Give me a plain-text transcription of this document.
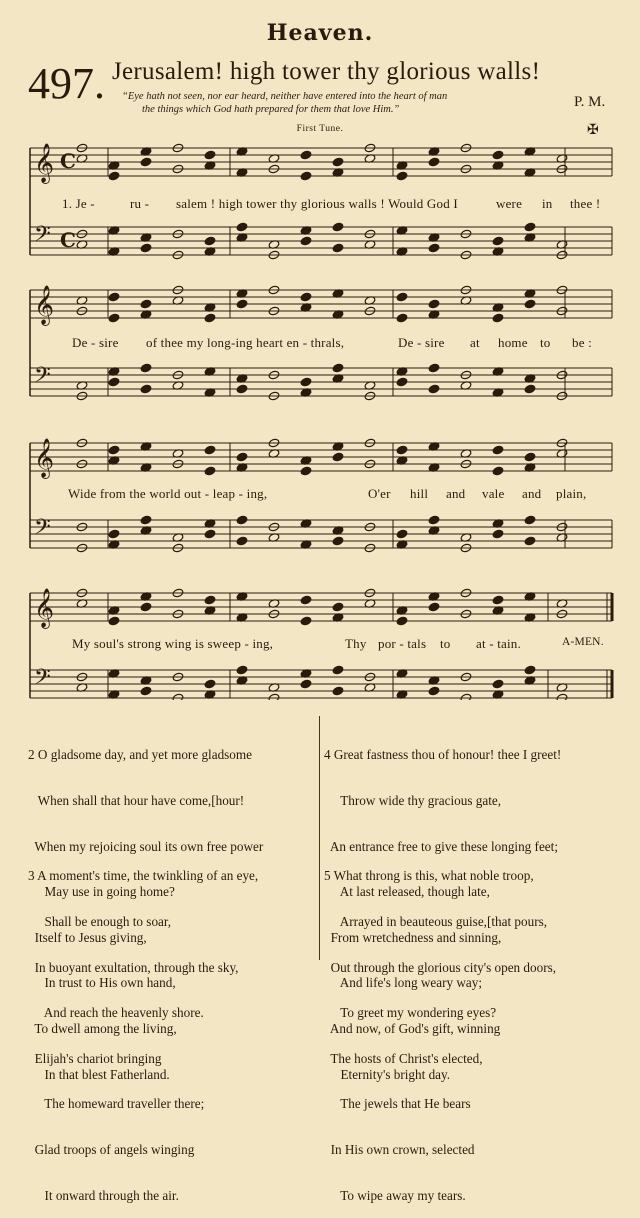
Heaven.
497. Jerusalem! high tower thy glorious walls!
“Eye hath not seen, nor ear heard, neither have entered into the heart of man
the things which God hath prepared for them that love Him.”	P. M.
First Tune.	✠
𝄞
𝄢
𝄞
𝄢
𝄞
𝄢
𝄞
𝄢
C
C
1. Je -	ru - salem ! high tower thy glorious walls ! Would God I	were in thee !
De - sire of thee my long-ing heart en - thrals,	De - sire at home to be :
Wide from the world out - leap - ing,	O'er hill and vale and plain,
My soul's strong wing is sweep - ing,	Thy por - tals to at - tain.	A-MEN.

2 O gladsome day, and yet more gladsome

When shall that hour have come,[hour!

When my rejoicing soul its own free power

May use in going home?

Itself to Jesus giving,

In trust to His own hand,

To dwell among the living,

In that blest Fatherland.

3 A moment's time, the twinkling of an eye,

Shall be enough to soar,

In buoyant exultation, through the sky,

And reach the heavenly shore.

Elijah's chariot bringing

The homeward traveller there;

Glad troops of angels winging

It onward through the air.

4 Great fastness thou of honour! thee I greet!

Throw wide thy gracious gate,

An entrance free to give these longing feet;

At last released, though late,

From wretchedness and sinning,

And life's long weary way;

And now, of God's gift, winning

Eternity's bright day.

5 What throng is this, what noble troop,

Arrayed in beauteous guise,[that pours,

Out through the glorious city's open doors,

To greet my wondering eyes?

The hosts of Christ's elected,

The jewels that He bears

In His own crown, selected

To wipe away my tears.
